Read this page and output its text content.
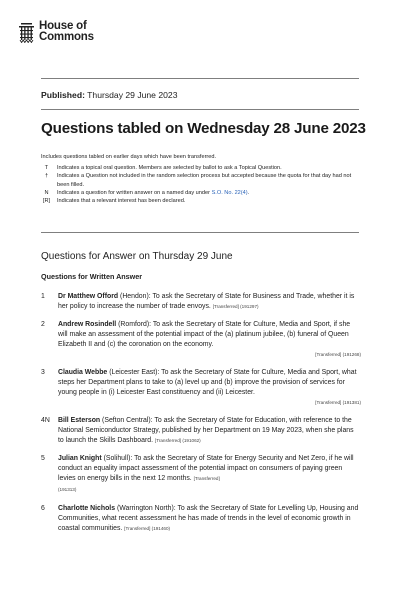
House of
Commons
Published: Thursday 29 June 2023
Questions tabled on Wednesday 28 June 2023

Includes questions tabled on earlier days which have been transferred.

T	Indicates a topical oral question. Members are selected by ballot to ask a Topical Question.
†	Indicates a Question not included in the random selection process but accepted because the quota for that day had not been filled.
N	Indicates a question for written answer on a named day under S.O. No. 22(4).
[R]	Indicates that a relevant interest has been declared.
Questions for Answer on Thursday 29 June
Questions for Written Answer
1	Dr Matthew Offord (Hendon): To ask the Secretary of State for Business and Trade, whether it is her policy to increase the number of trade envoys. [Transferred] (191297)
2	Andrew Rosindell (Romford): To ask the Secretary of State for Culture, Media and Sport, if she will make an assessment of the potential impact of the (a) platinum jubilee, (b) funeral of Queen Elizabeth II and (c) the coronation on the economy.
[Transferred] (191268)
3	Claudia Webbe (Leicester East): To ask the Secretary of State for Culture, Media and Sport, what steps her Department plans to take to (a) level up and (b) improve the provision of services for young people in (i) Leicester East constituency and (ii) Leicester.
[Transferred] (191381)
4N	Bill Esterson (Sefton Central): To ask the Secretary of State for Education, with reference to the National Semiconductor Strategy, published by her Department on 19 May 2023, when she plans to launch the Skills Dashboard. [Transferred] (191062)
5	Julian Knight (Solihull): To ask the Secretary of State for Energy Security and Net Zero, if he will conduct an equality impact assessment of the potential impact on consumers of paying green levies on energy bills in the next 12 months. [Transferred]
(191313)
6	Charlotte Nichols (Warrington North): To ask the Secretary of State for Levelling Up, Housing and Communities, what recent assessment he has made of trends in the level of economic growth in coastal communities. [Transferred] (191460)
